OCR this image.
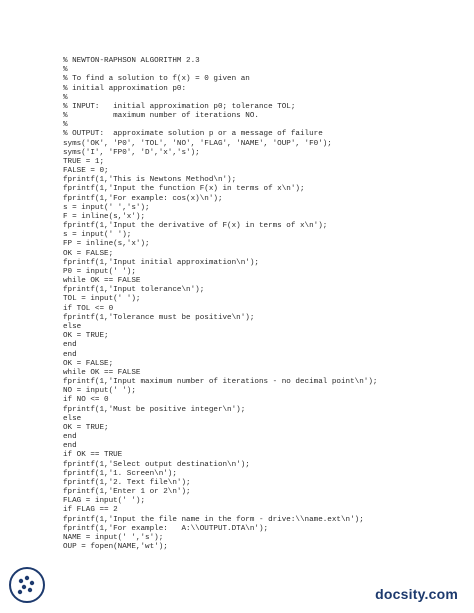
% NEWTON-RAPHSON ALGORITHM 2.3
%
% To find a solution to f(x) = 0 given an
% initial approximation p0:
%
% INPUT:   initial approximation p0; tolerance TOL;
%          maximum number of iterations NO.
%
% OUTPUT:  approximate solution p or a message of failure
syms('OK', 'P0', 'TOL', 'NO', 'FLAG', 'NAME', 'OUP', 'F0');
syms('I', 'FP0', 'D','x','s');
TRUE = 1;
FALSE = 0;
fprintf(1,'This is Newtons Method\n');
fprintf(1,'Input the function F(x) in terms of x\n');
fprintf(1,'For example: cos(x)\n');
s = input(' ','s');
F = inline(s,'x');
fprintf(1,'Input the derivative of F(x) in terms of x\n');
s = input(' ');
FP = inline(s,'x');
OK = FALSE;
fprintf(1,'Input initial approximation\n');
P0 = input(' ');
while OK == FALSE
fprintf(1,'Input tolerance\n');
TOL = input(' ');
if TOL <= 0
fprintf(1,'Tolerance must be positive\n');
else
OK = TRUE;
end
end
OK = FALSE;
while OK == FALSE
fprintf(1,'Input maximum number of iterations - no decimal point\n');
NO = input(' ');
if NO <= 0
fprintf(1,'Must be positive integer\n');
else
OK = TRUE;
end
end
if OK == TRUE
fprintf(1,'Select output destination\n');
fprintf(1,'1. Screen\n');
fprintf(1,'2. Text file\n');
fprintf(1,'Enter 1 or 2\n');
FLAG = input(' ');
if FLAG == 2
fprintf(1,'Input the file name in the form - drive:\\name.ext\n');
fprintf(1,'For example:   A:\\OUTPUT.DTA\n');
NAME = input(' ','s');
OUP = fopen(NAME,'wt');
docsity.com
